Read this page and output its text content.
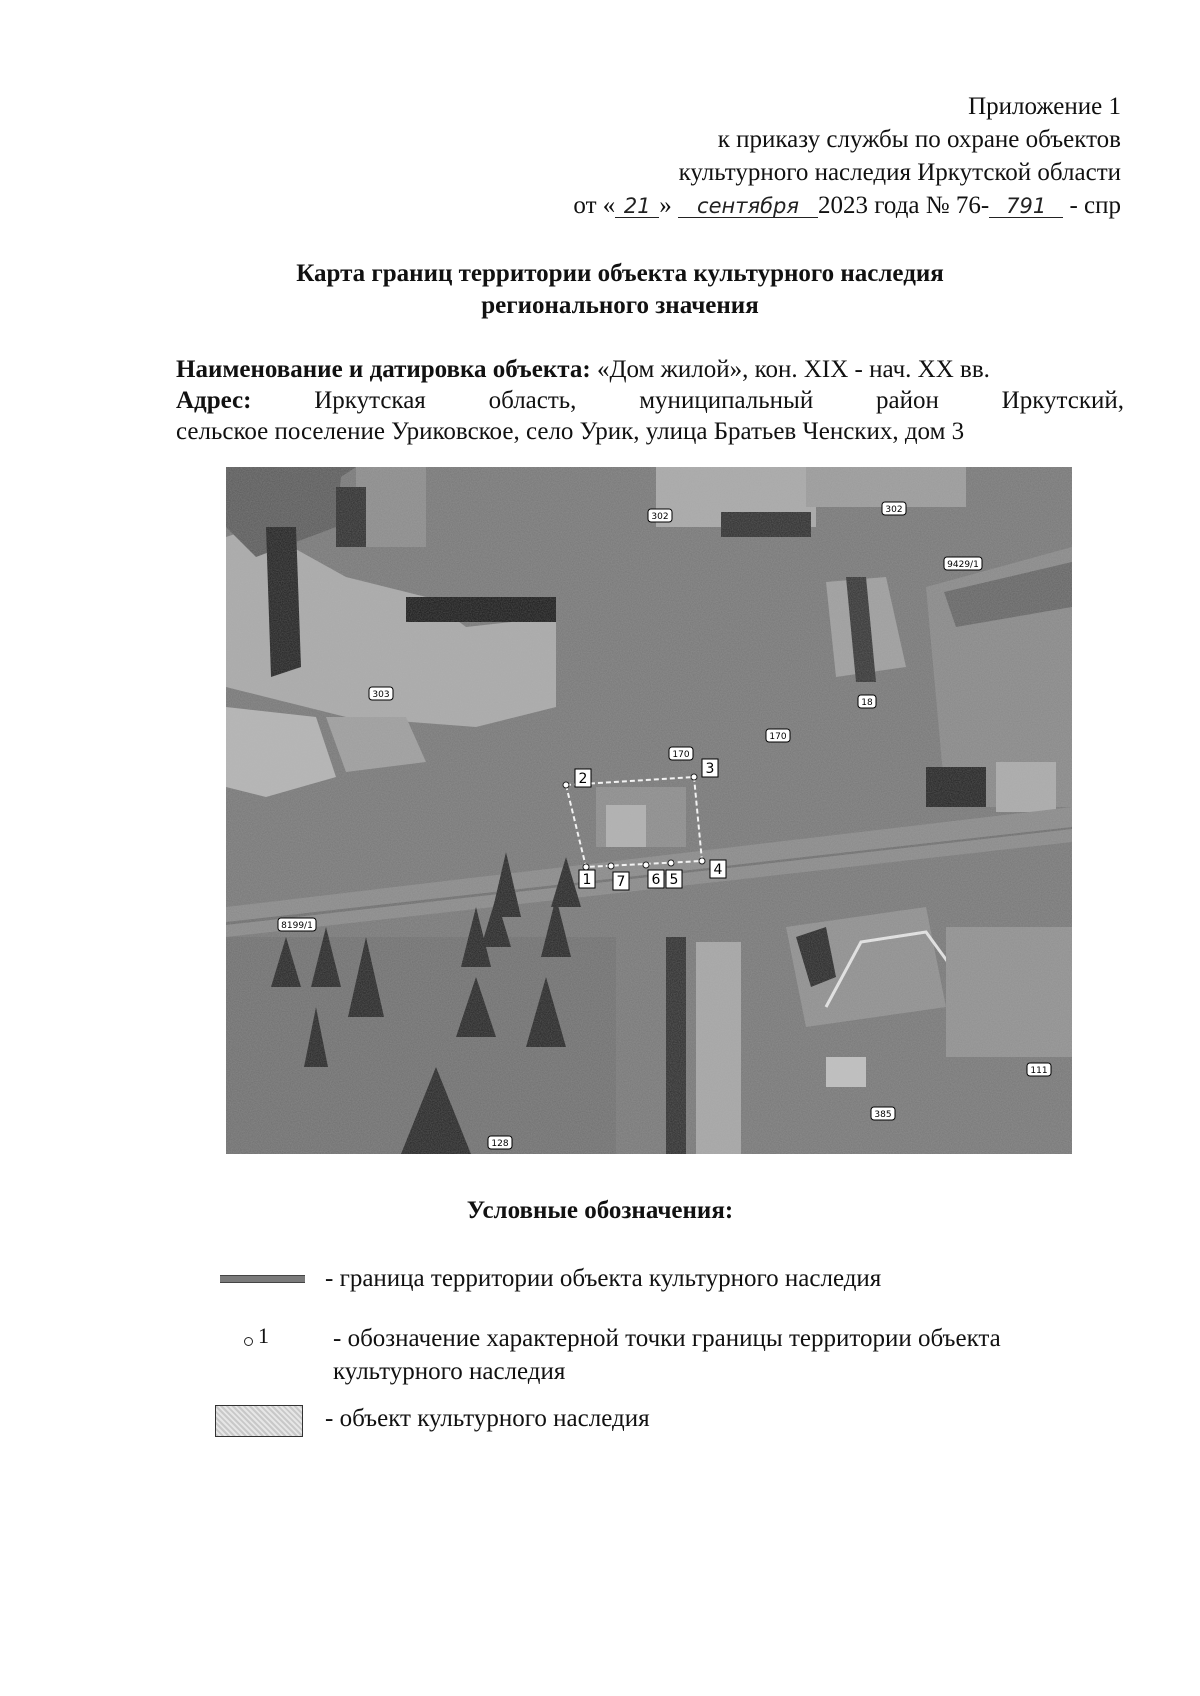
Приложение 1
к приказу службы по охране объектов
культурного наследия Иркутской области
от « 21 » сентября 2023 года № 76- 791 - спр
Карта границ территории объекта культурного наследия
регионального значения

Наименование и датировка объекта: «Дом жилой», кон. XIX - нач. XX вв.

Адрес:	Иркутская область, муниципальный район Иркутский,

сельское поселение Уриковское, село Урик, улица Братьев Ченских, дом 3

1
2
3
4
5
6
7
302
302
9429/1
303
18
170
170
8199/1
111
385
128
Условные обозначения:
- граница территории объекта культурного наследия
1	- обозначение характерной точки границы территории объекта
культурного наследия
- объект культурного наследия
